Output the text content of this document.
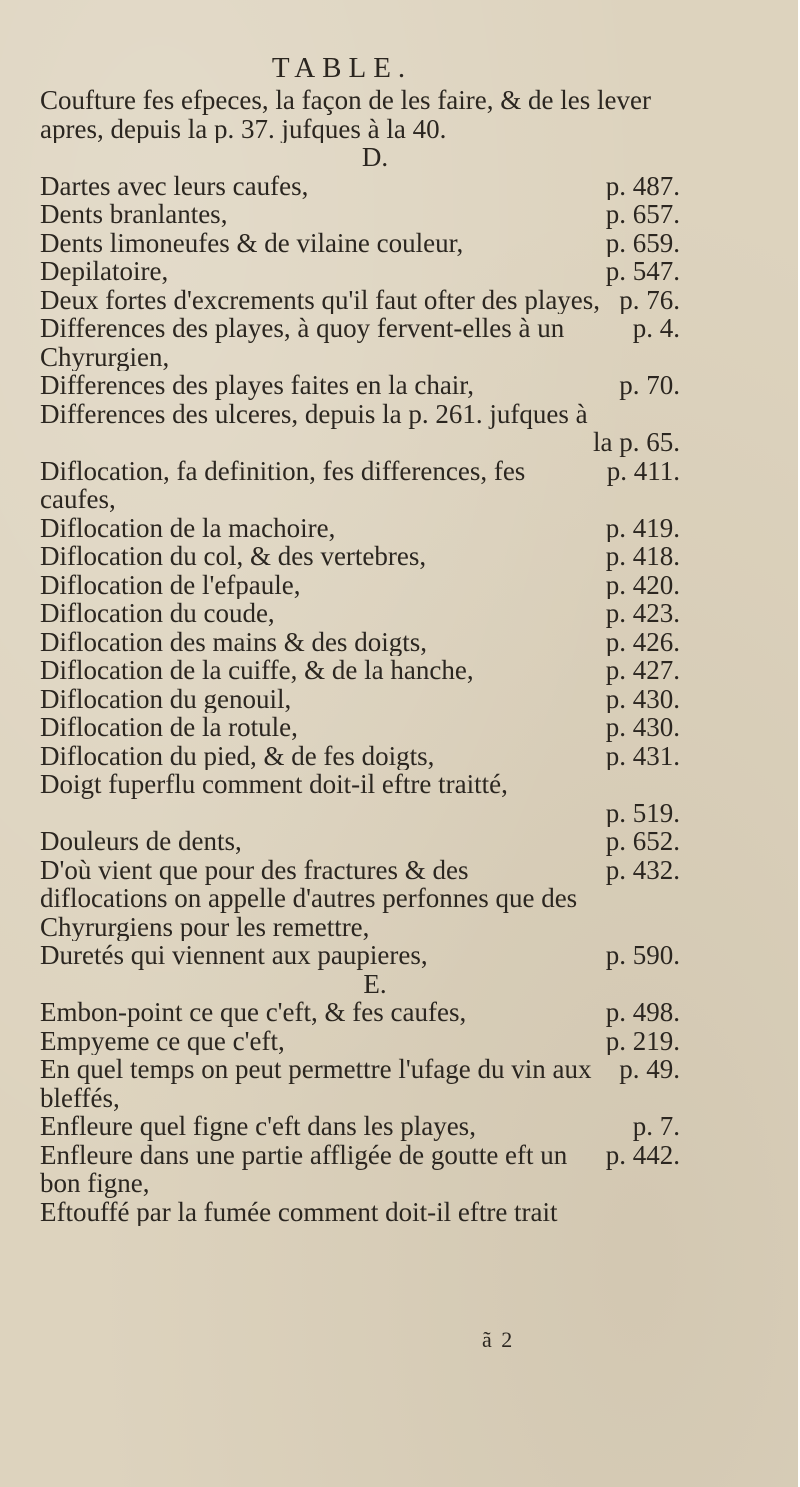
TABLE.
Coufture fes efpeces, la façon de les faire, & de les lever apres, depuis la p. 37. jufques à la 40.
D.
p. 487.
Dartes avec leurs caufes,
p. 657.
Dents branlantes,
p. 659.
Dents limoneufes & de vilaine couleur,
p. 547.
Depilatoire,
p. 76.
Deux fortes d'excrements qu'il faut ofter des playes,
p. 4.
Differences des playes, à quoy fervent-elles à un Chyrurgien,
p. 70.
Differences des playes faites en la chair,
Differences des ulceres, depuis la p. 261. jufques à
la p. 65.
p. 411.
Diflocation, fa definition, fes differences, fes caufes,
p. 419.
Diflocation de la machoire,
p. 418.
Diflocation du col, & des vertebres,
p. 420.
Diflocation de l'efpaule,
p. 423.
Diflocation du coude,
p. 426.
Diflocation des mains & des doigts,
p. 427.
Diflocation de la cuiffe, & de la hanche,
p. 430.
Diflocation du genouil,
p. 430.
Diflocation de la rotule,
p. 431.
Diflocation du pied, & de fes doigts,
Doigt fuperflu comment doit-il eftre traitté,
p. 519.
p. 652.
Douleurs de dents,
p. 432.
D'où vient que pour des fractures & des diflocations on appelle d'autres perfonnes que des Chyrurgiens pour les remettre,
p. 590.
Duretés qui viennent aux paupieres,
E.
p. 498.
Embon-point ce que c'eft, & fes caufes,
p. 219.
Empyeme ce que c'eft,
p. 49.
En quel temps on peut permettre l'ufage du vin aux bleffés,
p. 7.
Enfleure quel figne c'eft dans les playes,
p. 442.
Enfleure dans une partie affligée de goutte eft un bon figne,
Eftouffé par la fumée comment doit-il eftre trait
ã 2
